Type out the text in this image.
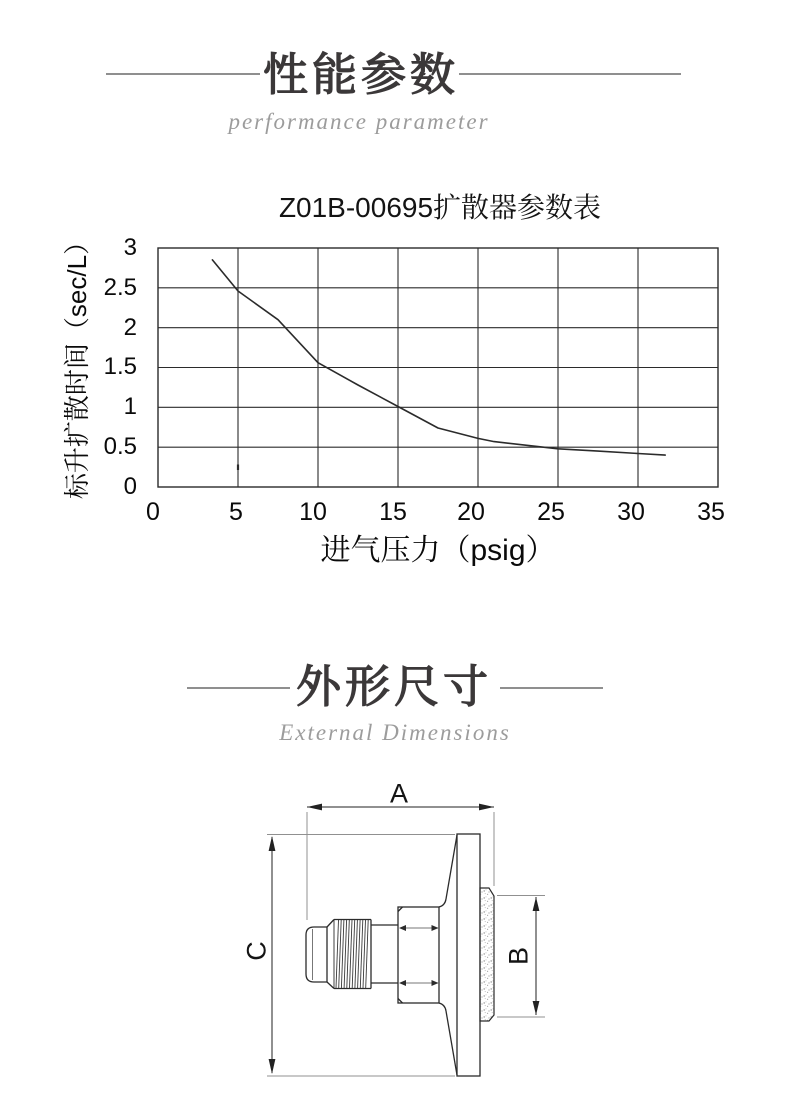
性能参数
performance parameter
Z01B-00695扩散器参数表
标升扩散时间（sec/L）	3
2.5
2
1.5
1
0.5
0
0	5 10 15 20 25 30 35
进气压力（psig）
外形尺寸
External Dimensions
A
B
C
